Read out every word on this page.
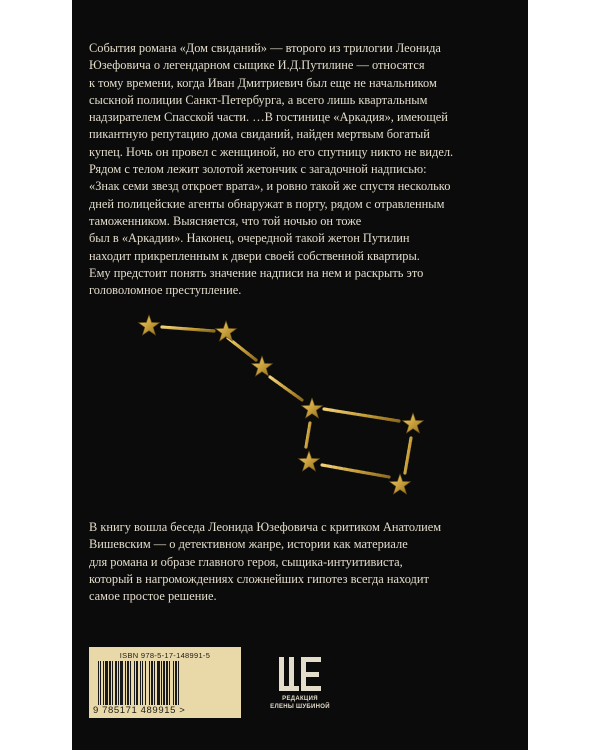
События романа «Дом свиданий» — второго из трилогии Леонида
Юзефовича о легендарном сыщике И.Д.Путилине — относятся
к тому времени, когда Иван Дмитриевич был еще не начальником
сыскной полиции Санкт-Петербурга, а всего лишь квартальным
надзирателем Спасской части. …В гостинице «Аркадия», имеющей
пикантную репутацию дома свиданий, найден мертвым богатый
купец. Ночь он провел с женщиной, но его спутницу никто не видел.
Рядом с телом лежит золотой жетончик с загадочной надписью:
«Знак семи звезд откроет врата», и ровно такой же спустя несколько
дней полицейские агенты обнаружат в порту, рядом с отравленным
таможенником. Выясняется, что той ночью он тоже
был в «Аркадии». Наконец, очередной такой жетон Путилин
находит прикрепленным к двери своей собственной квартиры.
Ему предстоит понять значение надписи на нем и раскрыть это
головоломное преступление.

В книгу вошла беседа Леонида Юзефовича с критиком Анатолием
Вишевским — о детективном жанре, истории как материале
для романа и образе главного героя, сыщика-интуитивиста,
который в нагромождениях сложнейших гипотез всегда находит
самое простое решение.

ISBN 978-5-17-148991-5
9 785171 489915 >
РЕДАКЦИЯ
ЕЛЕНЫ ШУБИНОЙ
